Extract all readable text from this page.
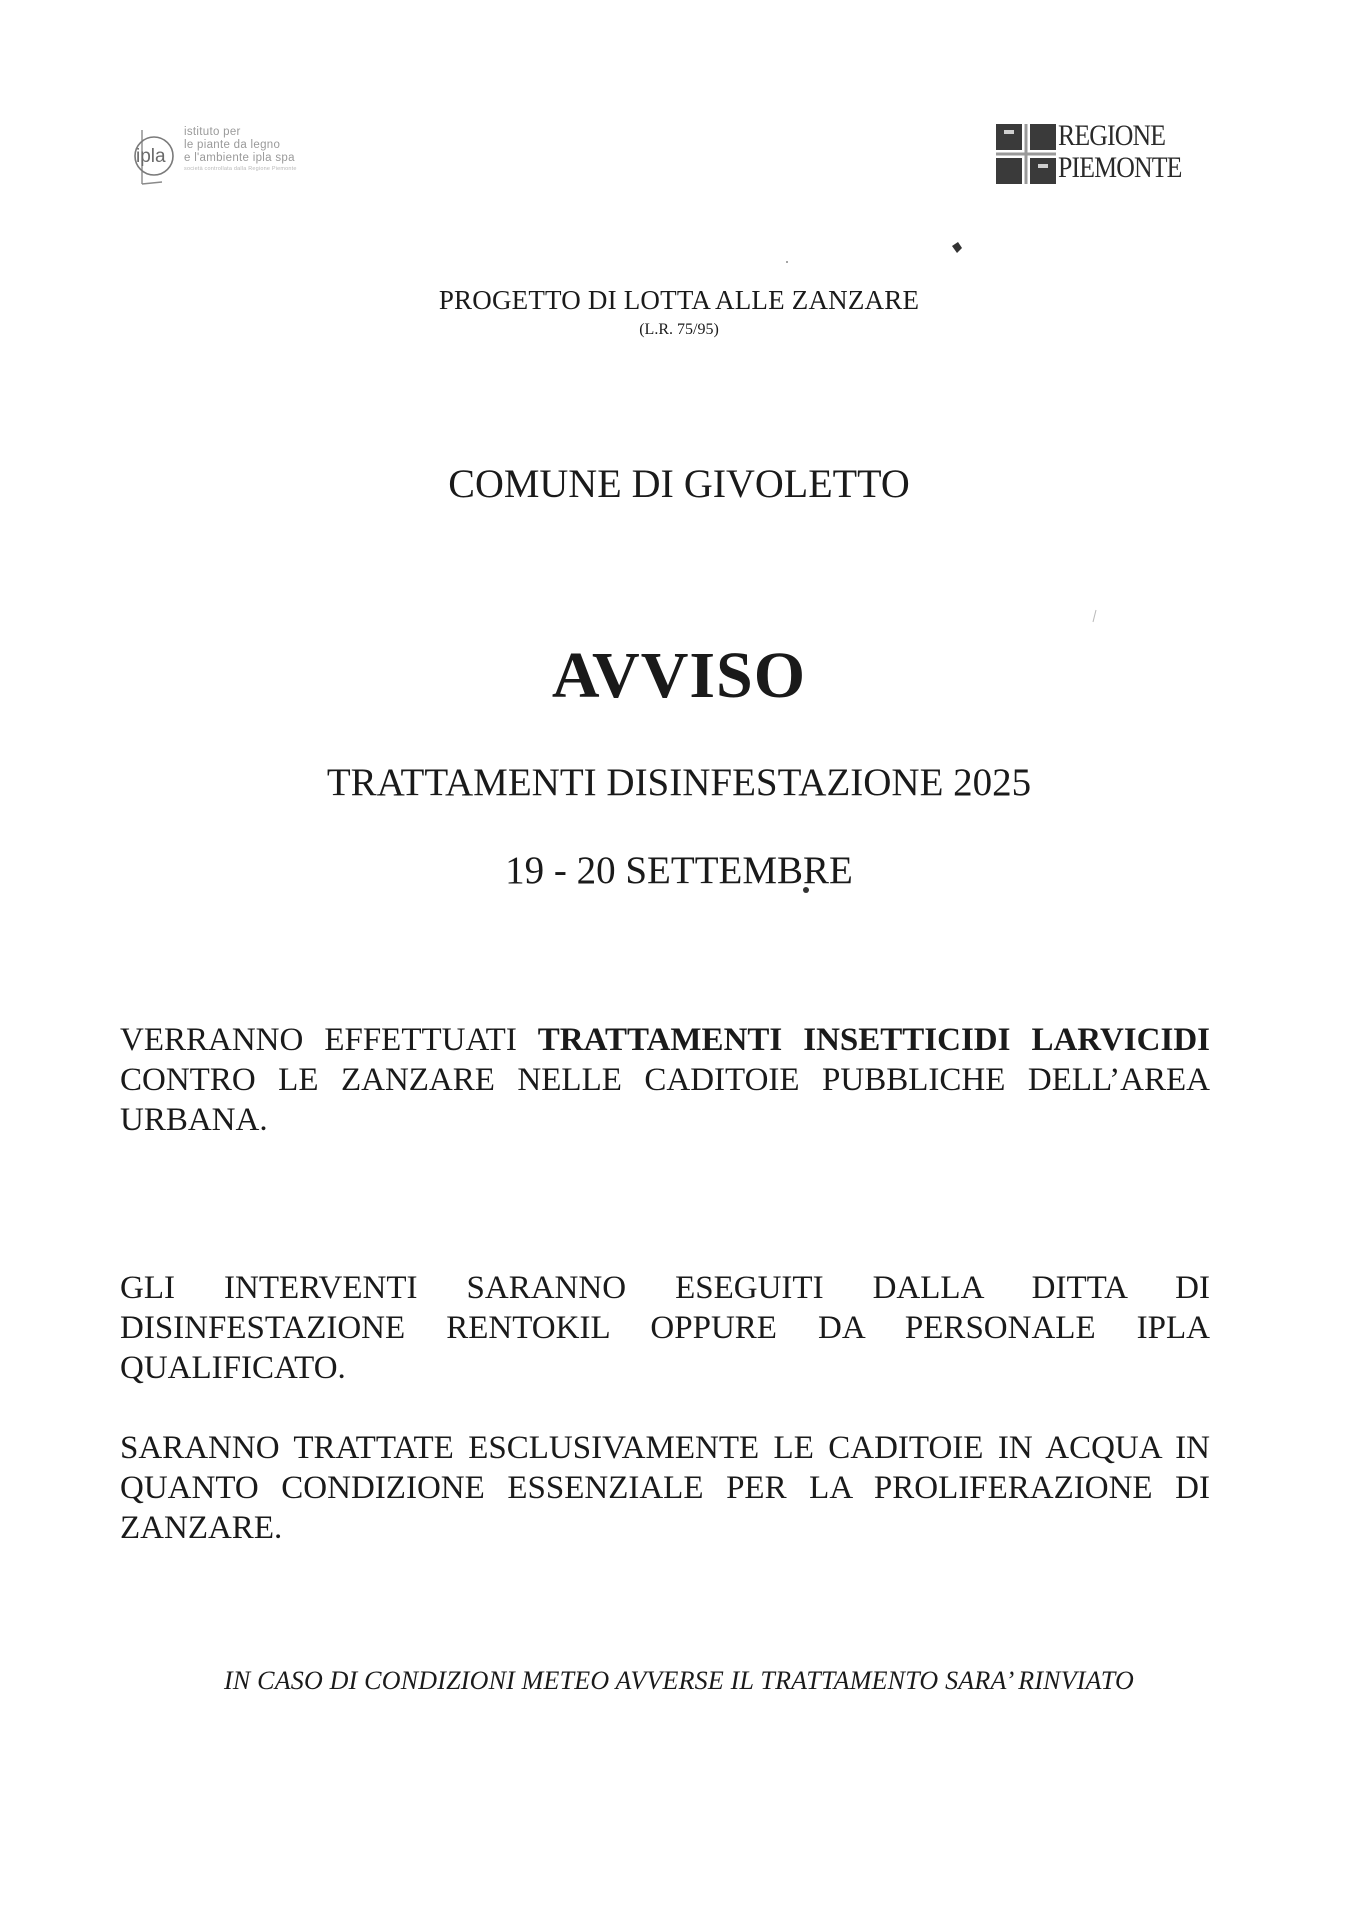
ipla
istituto per
le piante da legno
e l'ambiente ipla spa
società controllata dalla Regione Piemonte
REGIONE
PIEMONTE
PROGETTO DI LOTTA ALLE ZANZARE
(L.R. 75/95)
COMUNE DI GIVOLETTO
AVVISO
TRATTAMENTI DISINFESTAZIONE 2025
19 - 20 SETTEMBRE
VERRANNO EFFETTUATI TRATTAMENTI INSETTICIDI LARVICIDI CONTRO LE ZANZARE NELLE CADITOIE PUBBLICHE DELL’AREA URBANA.
GLI INTERVENTI SARANNO ESEGUITI DALLA DITTA DI DISINFESTAZIONE RENTOKIL OPPURE DA PERSONALE IPLA QUALIFICATO.
SARANNO TRATTATE ESCLUSIVAMENTE LE CADITOIE IN ACQUA IN QUANTO CONDIZIONE ESSENZIALE PER LA PROLIFERAZIONE DI ZANZARE.
IN CASO DI CONDIZIONI METEO AVVERSE IL TRATTAMENTO SARA’ RINVIATO
